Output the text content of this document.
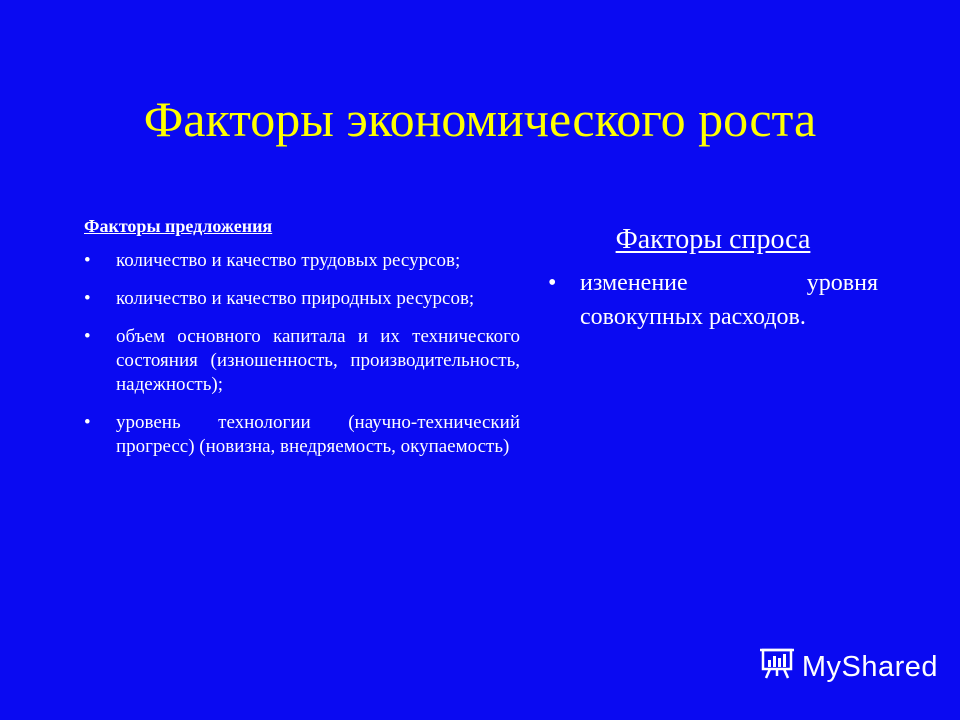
Факторы экономического роста
Факторы предложения
• количество и качество трудовых ресурсов;
• количество и качество природных ресурсов;
• объем основного капитала и их технического состояния (изношенность, производительность, надежность);
• уровень технологии (научно-технический прогресс) (новизна, внедряемость, окупаемость)
Факторы спроса
• изменение уровня совокупных расходов.
MyShared
